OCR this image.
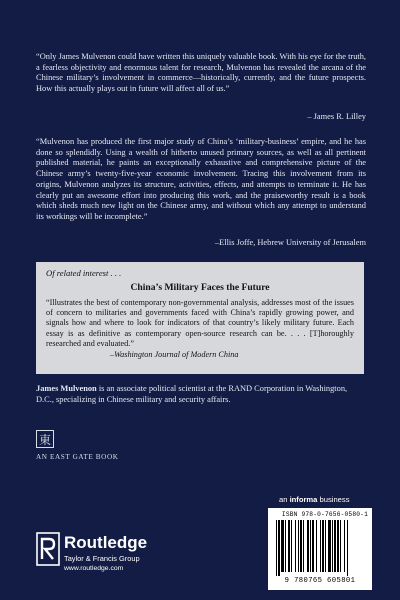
“Only James Mulvenon could have written this uniquely valuable book. With his eye for the truth, a fearless objectivity and enormous talent for research, Mulvenon has revealed the arcana of the Chinese military’s involvement in commerce—historically, currently, and the future prospects. How this actually plays out in future will affect all of us.”

– James R. Lilley

“Mulvenon has produced the first major study of China’s ‘military-business’ empire, and he has done so splendidly. Using a wealth of hitherto unused primary sources, as well as all pertinent published material, he paints an exceptionally exhaustive and comprehensive picture of the Chinese army’s twenty-five-year economic involvement. Tracing this involvement from its origins, Mulvenon analyzes its structure, activities, effects, and attempts to terminate it. He has clearly put an awesome effort into producing this work, and the praiseworthy result is a book which sheds much new light on the Chinese army, and without which any attempt to understand its workings will be incomplete.”

–Ellis Joffe, Hebrew University of Jerusalem
Of related interest . . .
China’s Military Faces the Future
“Illustrates the best of contemporary non-governmental analysis, addresses most of the issues of concern to militaries and governments faced with China’s rapidly growing power, and signals how and where to look for indicators of that country’s likely military future. Each essay is as definitive as contemporary open-source research can be. . . . [T]horoughly researched and evaluated.”
–Washington Journal of Modern China
James Mulvenon is an associate political scientist at the RAND Corporation in Washington, D.C., specializing in Chinese military and security affairs.
東
AN EAST GATE BOOK
an informa business
Routledge
Taylor & Francis Group
www.routledge.com
ISBN 978-0-7656-0580-1
9 780765 605801
